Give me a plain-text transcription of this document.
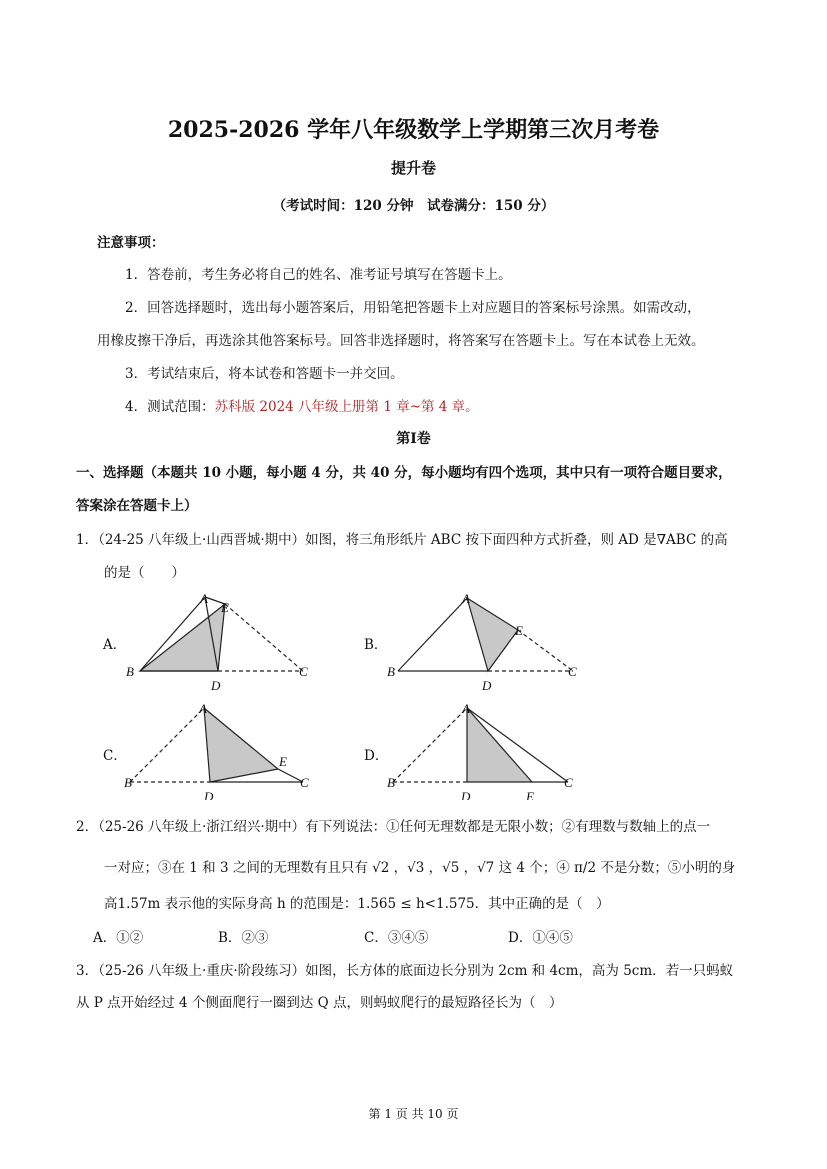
2025-2026 学年八年级数学上学期第三次月考卷
提升卷
（考试时间：120 分钟　试卷满分：150 分）
注意事项：
1．答卷前，考生务必将自己的姓名、准考证号填写在答题卡上。
2．回答选择题时，选出每小题答案后，用铅笔把答题卡上对应题目的答案标号涂黑。如需改动，
用橡皮擦干净后，再选涂其他答案标号。回答非选择题时，将答案写在答题卡上。写在本试卷上无效。
3．考试结束后，将本试卷和答题卡一并交回。
4．测试范围：苏科版 2024 八年级上册第 1 章~第 4 章。
第Ⅰ卷
一、选择题（本题共 10 小题，每小题 4 分，共 40 分，每小题均有四个选项，其中只有一项符合题目要求，
答案涂在答题卡上）
1．（24-25 八年级上·山西晋城·期中）如图，将三角形纸片 ABC 按下面四种方式折叠，则 AD 是∇ABC 的高
的是（　　）
A
E
B
D
C
A
E
B
D
C
A
E
B
D
C
A
E
B
D
C
A．	B．
C．	D．
2．（25-26 八年级上·浙江绍兴·期中）有下列说法：①任何无理数都是无限小数；②有理数与数轴上的点一
一对应；③在 1 和 3 之间的无理数有且只有 √2 ，√3 ，√5 ，√7 这 4 个；④ π/2 不是分数；⑤小明的身
高1.57m 表示他的实际身高 h 的范围是：1.565 ≤ h<1.575．其中正确的是（　）
A．①②	B．②③	C．③④⑤	D．①④⑤
3．（25-26 八年级上·重庆·阶段练习）如图，长方体的底面边长分别为 2cm 和 4cm，高为 5cm．若一只蚂蚁
从 P 点开始经过 4 个侧面爬行一圈到达 Q 点，则蚂蚁爬行的最短路径长为（　）
第 1 页 共 10 页
